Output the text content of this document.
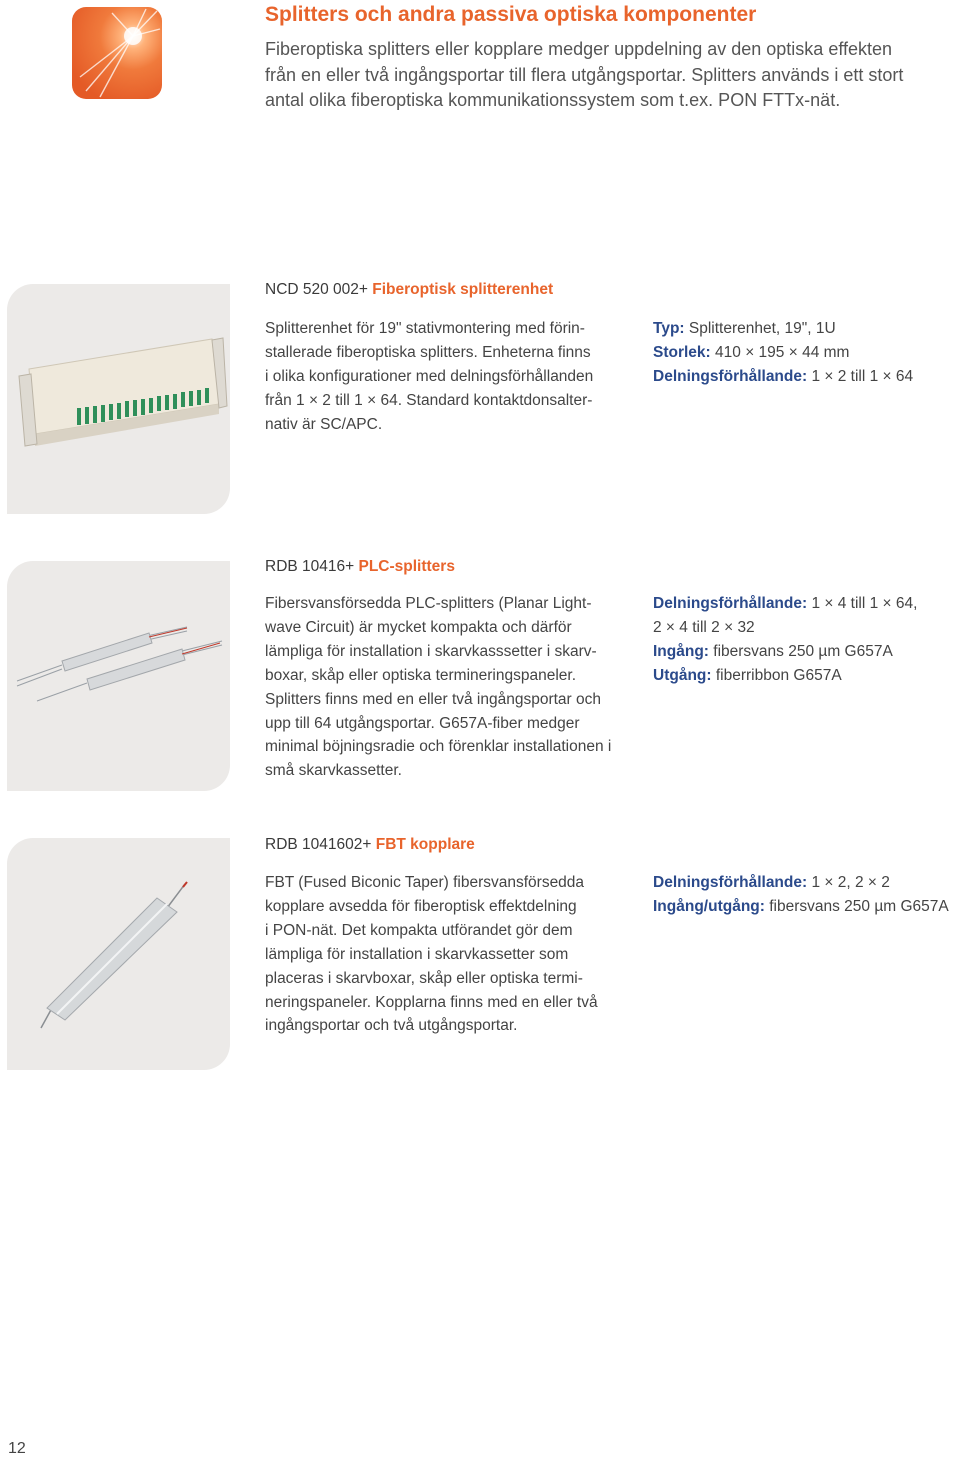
Splitters och andra passiva optiska komponenter
Fiberoptiska splitters eller kopplare medger uppdelning av den optiska effekten
från en eller två ingångsportar till flera utgångsportar. Splitters används i ett stort
antal olika fiberoptiska kommunikationssystem som t.ex. PON FTTx-nät.
NCD 520 002+ Fiberoptisk splitterenhet
Splitterenhet för 19" stativmontering med förin-
stallerade fiberoptiska splitters. Enheterna finns
i olika konfigurationer med delningsförhållanden
från 1 × 2 till 1 × 64. Standard kontaktdonsalter-
nativ är SC/APC.
Typ: Splitterenhet, 19", 1U
Storlek: 410 × 195 × 44 mm
Delningsförhållande: 1 × 2 till 1 × 64
RDB 10416+ PLC-splitters
Fibersvansförsedda PLC-splitters (Planar Light-
wave Circuit) är mycket kompakta och därför
lämpliga för installation i skarvkasssetter i skarv-
boxar, skåp eller optiska termineringspaneler.
Splitters finns med en eller två ingångsportar och
upp till 64 utgångsportar. G657A-fiber medger
minimal böjningsradie och förenklar installationen i
små skarvkassetter.
Delningsförhållande: 1 × 4 till 1 × 64,
2 × 4 till 2 × 32
Ingång: fibersvans 250 µm G657A
Utgång: fiberribbon G657A
RDB 1041602+ FBT kopplare
FBT (Fused Biconic Taper) fibersvansförsedda
kopplare avsedda för fiberoptisk effektdelning
i PON-nät. Det kompakta utförandet gör dem
lämpliga för installation i skarvkassetter som
placeras i skarvboxar, skåp eller optiska termi-
neringspaneler. Kopplarna finns med en eller två
ingångsportar och två utgångsportar.
Delningsförhållande: 1 × 2, 2 × 2
Ingång/utgång: fibersvans 250 µm G657A
12
